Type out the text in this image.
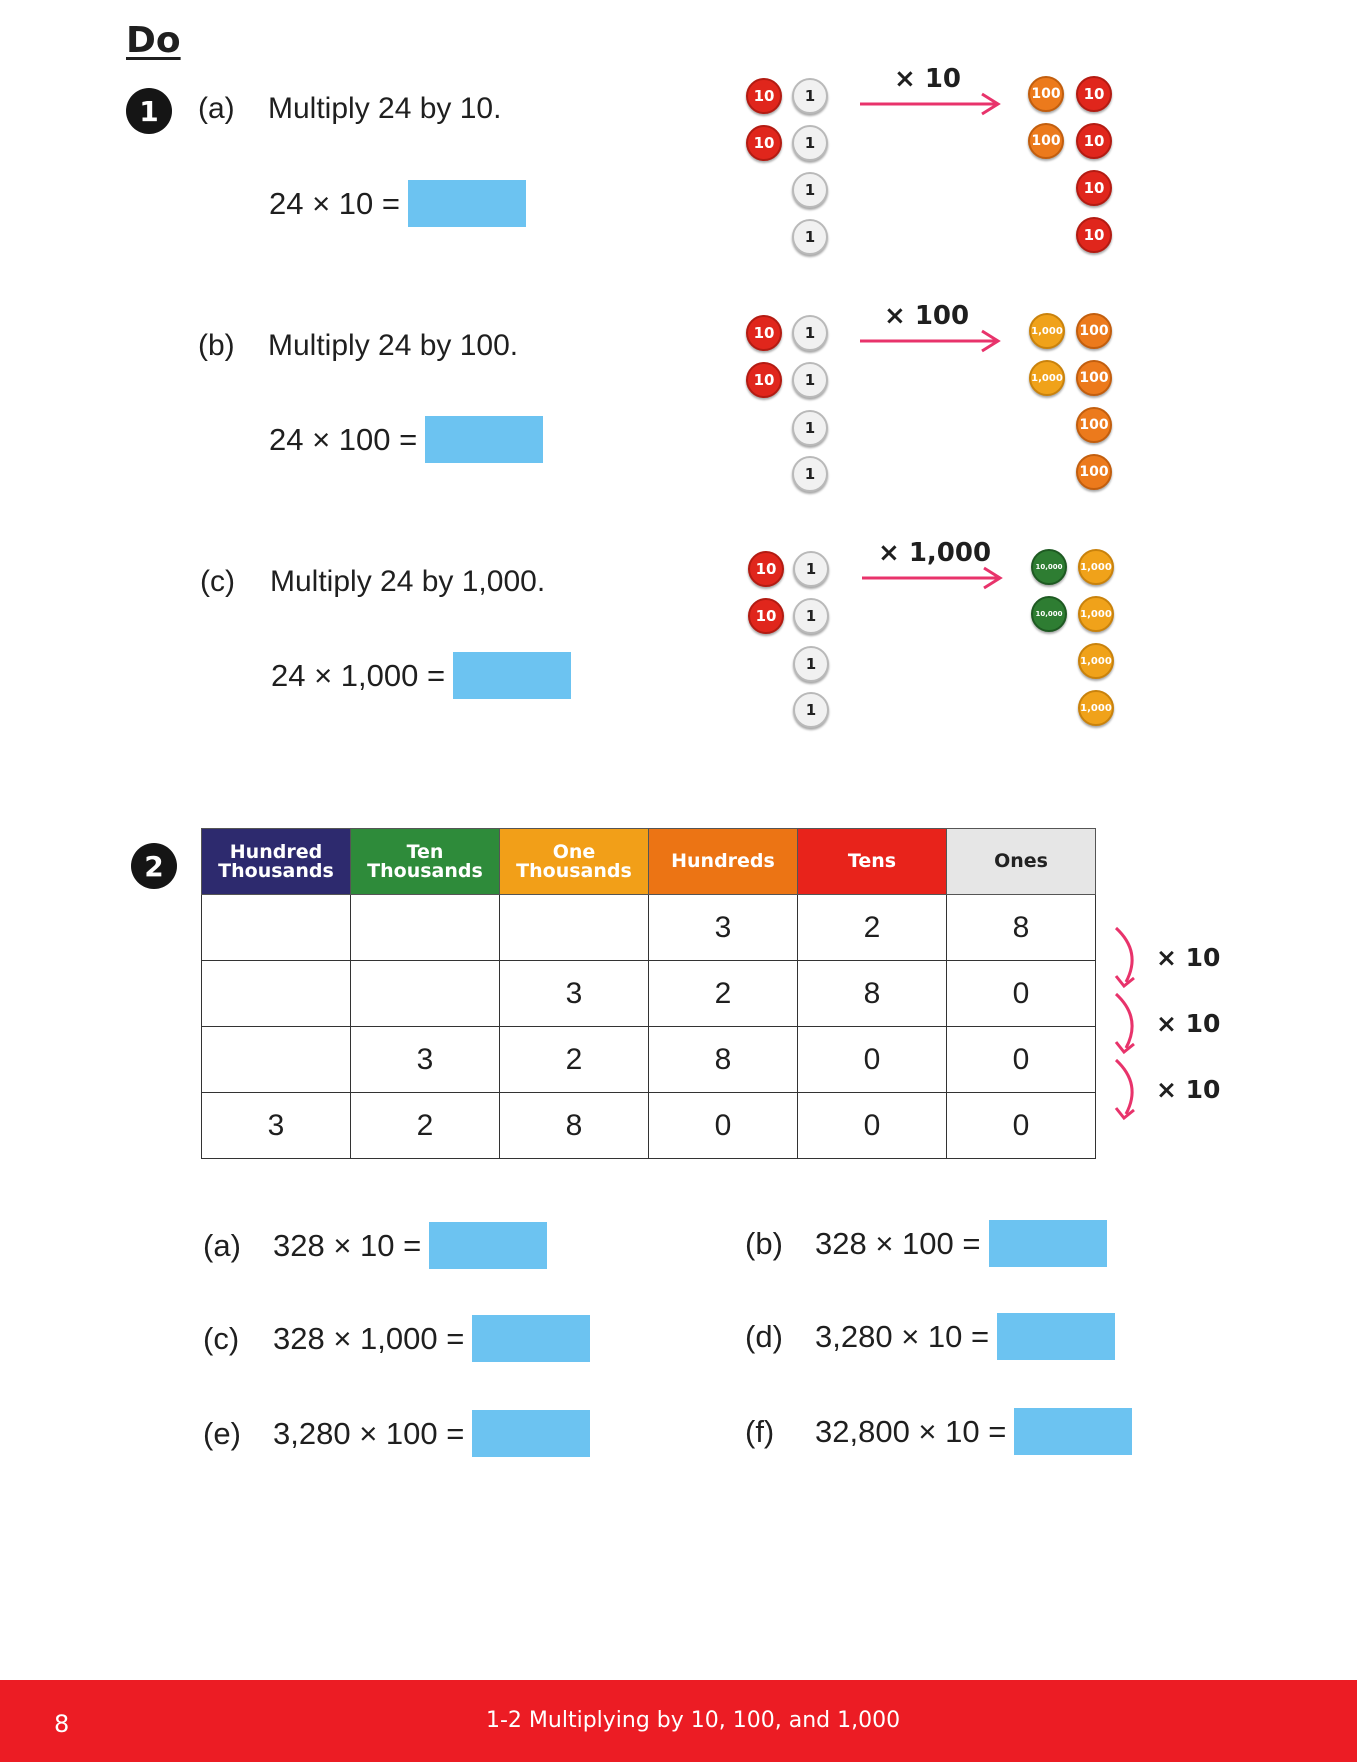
Do
1	(a) Multiply 24 by 10.
24 × 10 =
(b) Multiply 24 by 100.
24 × 100 =
(c) Multiply 24 by 1,000.
24 × 1,000 =
10	1
10	1
1
1
× 10	100	10
100	10
10
10
10	1
10	1
1
1
× 100	1,000 100
1,000 100
100
100
10	1
10	1
1
1
× 1,000	10,000	1,000
10,000	1,000
1,000
1,000
2	Hundred Thousands	Ten Thousands	One Thousands	Hundreds	Tens	Ones
			3	2	8
		3	2	8	0
	3	2	8	0	0
3	2	8	0	0	0
× 10
× 10
× 10
(a)	328 × 10 =	(b)	328 × 100 =
(c)	328 × 1,000 =	(d)	3,280 × 10 =
(e)	3,280 × 100 =	(f)	32,800 × 10 =
8	1-2 Multiplying by 10, 100, and 1,000
